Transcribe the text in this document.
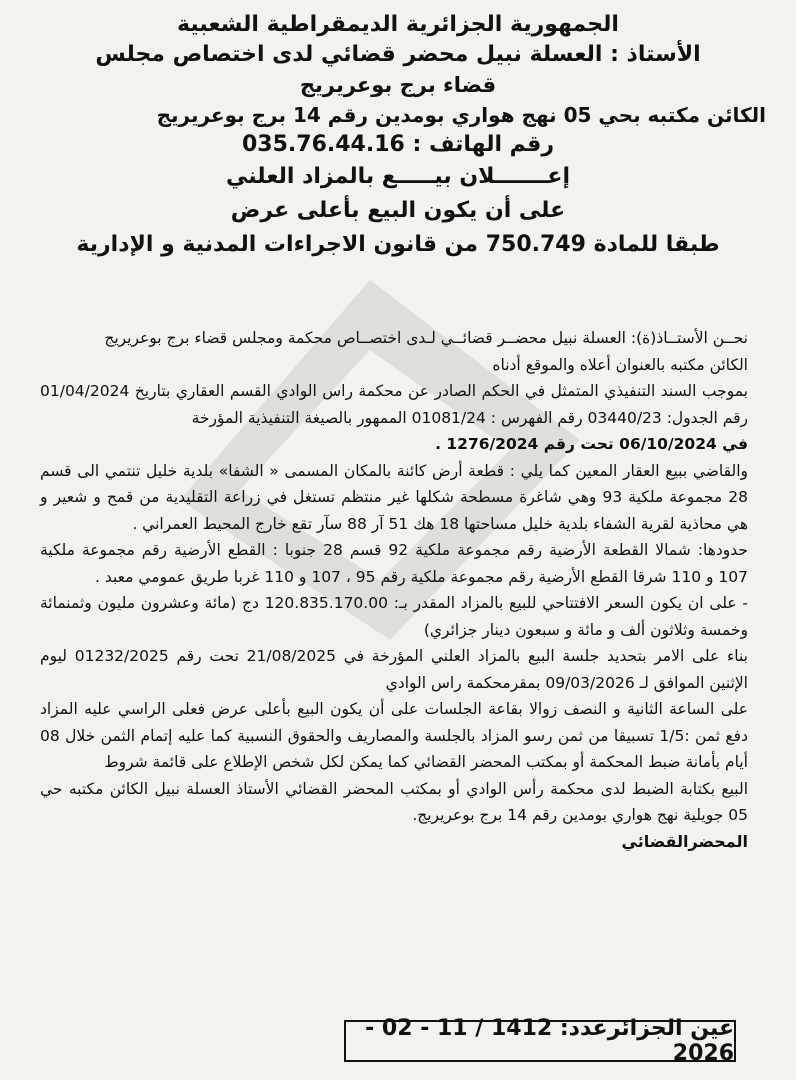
الجمهورية الجزائرية الديمقراطية الشعبية

الأستاذ : العسلة نبيل محضر قضائي لدى اختصاص مجلس

قضاء برج بوعريريج

الكائن مكتبه بحي 05 نهج هواري بومدين رقم 14 برج بوعريريج

رقم الهاتف : 035.76.44.16

إعـــــــلان بيـــــع بالمزاد العلني

على أن يكون البيع بأعلى عرض

طبقا للمادة 750.749 من قانون الاجراءات المدنية و الإدارية

نحــن الأستــاذ(ة): العسلة نبيل محضــر قضائــي لـدى اختصــاص محكمة ومجلس قضاء برج بوعريريج

الكائن مكتبه بالعنوان أعلاه والموقع أدناه

بموجب السند التنفيذي المتمثل في الحكم الصادر عن محكمة راس الوادي القسم العقاري بتاريخ 01/04/2024 رقم الجدول: 03440/23 رقم الفهرس : 01081/24 الممهور بالصيغة التنفيذية المؤرخة

في 06/10/2024 تحت رقم 1276/2024 .

والقاضي ببيع العقار المعين كما يلي : قطعة أرض كائنة بالمكان المسمى « الشفا» بلدية خليل تنتمي الى قسم 28 مجموعة ملكية 93 وهي شاغرة مسطحة شكلها غير منتظم تستغل في زراعة التقليدية من قمح و شعير و هي محاذية لقرية الشفاء بلدية خليل مساحتها 18 هك 51 آر 88 سآر تقع خارج المحيط العمراني .

حدودها: شمالا القطعة الأرضية رقم مجموعة ملكية 92 قسم 28 جنوبا : القطع الأرضية رقم مجموعة ملكية 107 و 110 شرقا القطع الأرضية رقم مجموعة ملكية رقم 95 ، 107 و 110 غربا طريق عمومي معبد .

- على ان يكون السعر الافتتاحي للبيع بالمزاد المقدر بـ: 120.835.170.00 دج (مائة وعشرون مليون وثمنمائة وخمسة وثلاثون ألف و مائة و سبعون دينار جزائري)

بناء على الامر بتحديد جلسة البيع بالمزاد العلني المؤرخة في 21/08/2025 تحت رقم 01232/2025 ليوم الإثنين الموافق لـ 09/03/2026 بمقرمحكمة راس الوادي

على الساعة الثانية و النصف زوالا بقاعة الجلسات على أن يكون البيع بأعلى عرض فعلى الراسي عليه المزاد دفع ثمن :1/5 تسبيقا من ثمن رسو المزاد بالجلسة والمصاريف والحقوق النسبية كما عليه إتمام الثمن خلال 08 أيام بأمانة ضبط المحكمة أو بمكتب المحضر القضائي كما يمكن لكل شخص الإطلاع على قائمة شروط

البيع بكتابة الضبط لدى محكمة رأس الوادي أو بمكتب المحضر القضائي الأستاذ العسلة نبيل الكائن مكتبه حي 05 جويلية نهج هواري بومدين رقم 14 برج بوعريريج.

المحضرالقضائي

عين الجزائرعدد: 1412 / 11 - 02 - 2026
